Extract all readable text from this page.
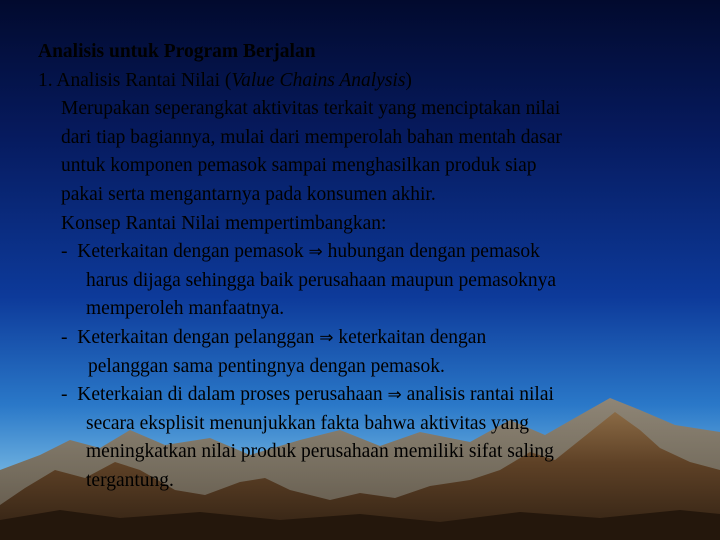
Analisis untuk Program Berjalan
1. Analisis Rantai Nilai (Value Chains Analysis)
Merupakan seperangkat aktivitas terkait yang menciptakan nilai
dari tiap bagiannya, mulai dari memperolah bahan mentah dasar
untuk komponen pemasok sampai menghasilkan produk siap
pakai serta mengantarnya pada konsumen akhir.
Konsep Rantai Nilai mempertimbangkan:
- Keterkaitan dengan pemasok ⇒ hubungan dengan pemasok
harus dijaga sehingga baik perusahaan maupun pemasoknya
memperoleh manfaatnya.
- Keterkaitan dengan pelanggan ⇒ keterkaitan dengan
pelanggan sama pentingnya dengan pemasok.
- Keterkaian di dalam proses perusahaan ⇒ analisis rantai nilai
secara eksplisit menunjukkan fakta bahwa aktivitas yang
meningkatkan nilai produk perusahaan memiliki sifat saling
tergantung.
